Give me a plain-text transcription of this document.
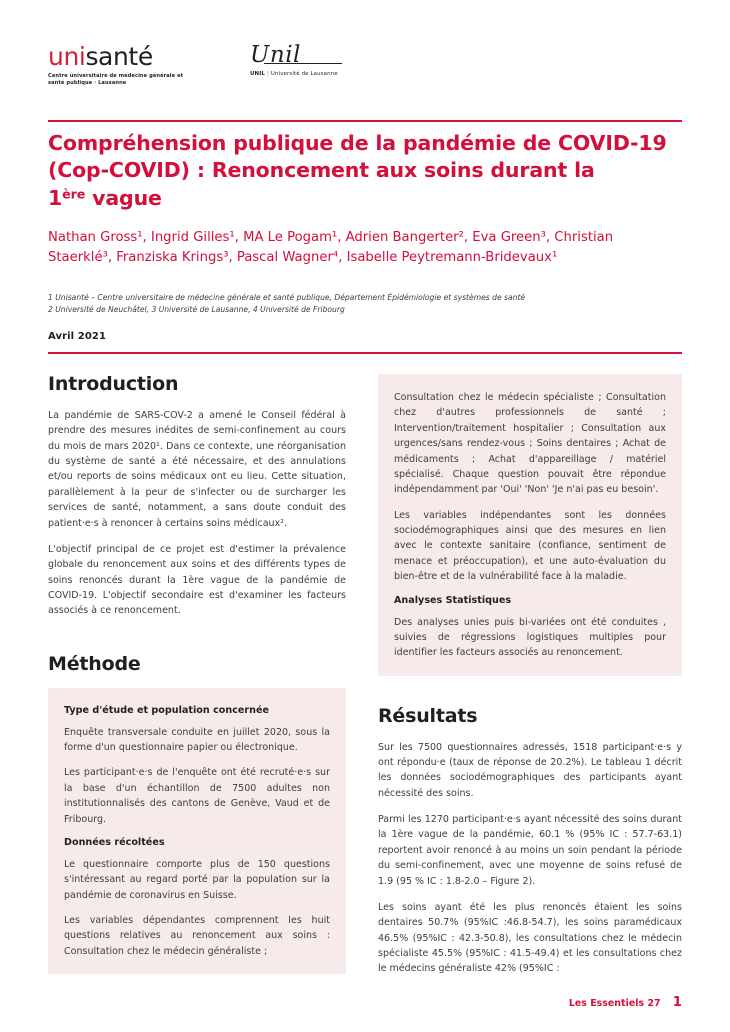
unisanté
Centre universitaire de médecine générale et santé publique · Lausanne
Unil
UNIL | Université de Lausanne
Compréhension publique de la pandémie de COVID-19
(Cop-COVID) : Renoncement aux soins durant la
1ère vague
Nathan Gross¹, Ingrid Gilles¹, MA Le Pogam¹, Adrien Bangerter², Eva Green³, Christian Staerklé³, Franziska Krings³, Pascal Wagner⁴, Isabelle Peytremann-Bridevaux¹
1 Unisanté – Centre universitaire de médecine générale et santé publique, Département Épidémiologie et systèmes de santé
2 Université de Neuchâtel, 3 Université de Lausanne, 4 Université de Fribourg
Avril 2021
Introduction

La pandémie de SARS-COV-2 a amené le Conseil fédéral à prendre des mesures inédites de semi-confinement au cours du mois de mars 2020¹. Dans ce contexte, une réorganisation du système de santé a été nécessaire, et des annulations et/ou reports de soins médicaux ont eu lieu. Cette situation, parallèlement à la peur de s'infecter ou de surcharger les services de santé, notamment, a sans doute conduit des patient·e·s à renoncer à certains soins médicaux².

L'objectif principal de ce projet est d'estimer la prévalence globale du renoncement aux soins et des différents types de soins renoncés durant la 1ère vague de la pandémie de COVID-19. L'objectif secondaire est d'examiner les facteurs associés à ce renoncement.

Méthode
Type d'étude et population concernée

Enquête transversale conduite en juillet 2020, sous la forme d'un questionnaire papier ou électronique.

Les participant·e·s de l'enquête ont été recruté·e·s sur la base d'un échantillon de 7500 adultes non institutionnalisés des cantons de Genève, Vaud et de Fribourg.

Données récoltées

Le questionnaire comporte plus de 150 questions s'intéressant au regard porté par la population sur la pandémie de coronavirus en Suisse.

Les variables dépendantes comprennent les huit questions relatives au renoncement aux soins : Consultation chez le médecin généraliste ;

Consultation chez le médecin spécialiste ; Consultation chez d'autres professionnels de santé ; Intervention/traitement hospitalier ; Consultation aux urgences/sans rendez-vous ; Soins dentaires ; Achat de médicaments ; Achat d'appareillage / matériel spécialisé. Chaque question pouvait être répondue indépendamment par 'Oui' 'Non' 'Je n'ai pas eu besoin'.

Les variables indépendantes sont les données sociodémographiques ainsi que des mesures en lien avec le contexte sanitaire (confiance, sentiment de menace et préoccupation), et une auto-évaluation du bien-être et de la vulnérabilité face à la maladie.

Analyses Statistiques

Des analyses unies puis bi-variées ont été conduites , suivies de régressions logistiques multiples pour identifier les facteurs associés au renoncement.

Résultats

Sur les 7500 questionnaires adressés, 1518 participant·e·s y ont répondu·e (taux de réponse de 20.2%). Le tableau 1 décrit les données sociodémographiques des participants ayant nécessité des soins.

Parmi les 1270 participant·e·s ayant nécessité des soins durant la 1ère vague de la pandémie, 60.1 % (95% IC : 57.7-63.1) reportent avoir renoncé à au moins un soin pendant la période du semi-confinement, avec une moyenne de soins refusé de 1.9 (95 % IC : 1.8-2.0 – Figure 2).

Les soins ayant été les plus renoncés étaient les soins dentaires 50.7% (95%IC :46.8-54.7), les soins paramédicaux 46.5% (95%IC : 42.3-50.8), les consultations chez le médecin spécialiste 45.5% (95%IC : 41.5-49.4) et les consultations chez le médecins généraliste 42% (95%IC :

Les Essentiels 27 1
